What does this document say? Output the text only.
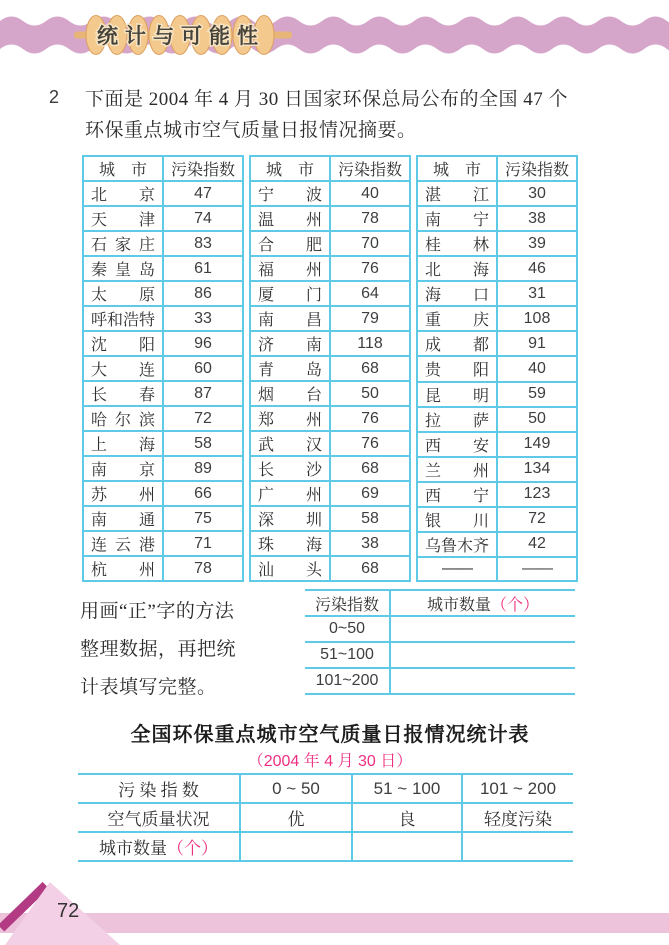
统计与可能性
2 下面是 2004 年 4 月 30 日国家环保总局公布的全国 47 个
环保重点城市空气质量日报情况摘要。
城　市	污染指数
北京	47
天津	74
石家庄	83
秦皇岛	61
太原	86
呼和浩特	33
沈阳	96
大连	60
长春	87
哈尔滨	72
上海	58
南京	89
苏州	66
南通	75
连云港	71
杭州	78
城　市	污染指数
宁波	40
温州	78
合肥	70
福州	76
厦门	64
南昌	79
济南	118
青岛	68
烟台	50
郑州	76
武汉	76
长沙	68
广州	69
深圳	58
珠海	38
汕头	68
城　市	污染指数
湛江	30
南宁	38
桂林	39
北海	46
海口	31
重庆	108
成都	91
贵阳	40
昆明	59
拉萨	50
西安	149
兰州	134
西宁	123
银川	72
乌鲁木齐	42
——	——
用画“正”字的方法
整理数据，再把统
计表填写完整。
污染指数	城市数量（个）
0~50	
51~100	
101~200	
全国环保重点城市空气质量日报情况统计表
（2004 年 4 月 30 日）
污 染 指 数	0 ~ 50	51 ~ 100	101 ~ 200
空气质量状况	优	良	轻度污染
城市数量（个）			
72
